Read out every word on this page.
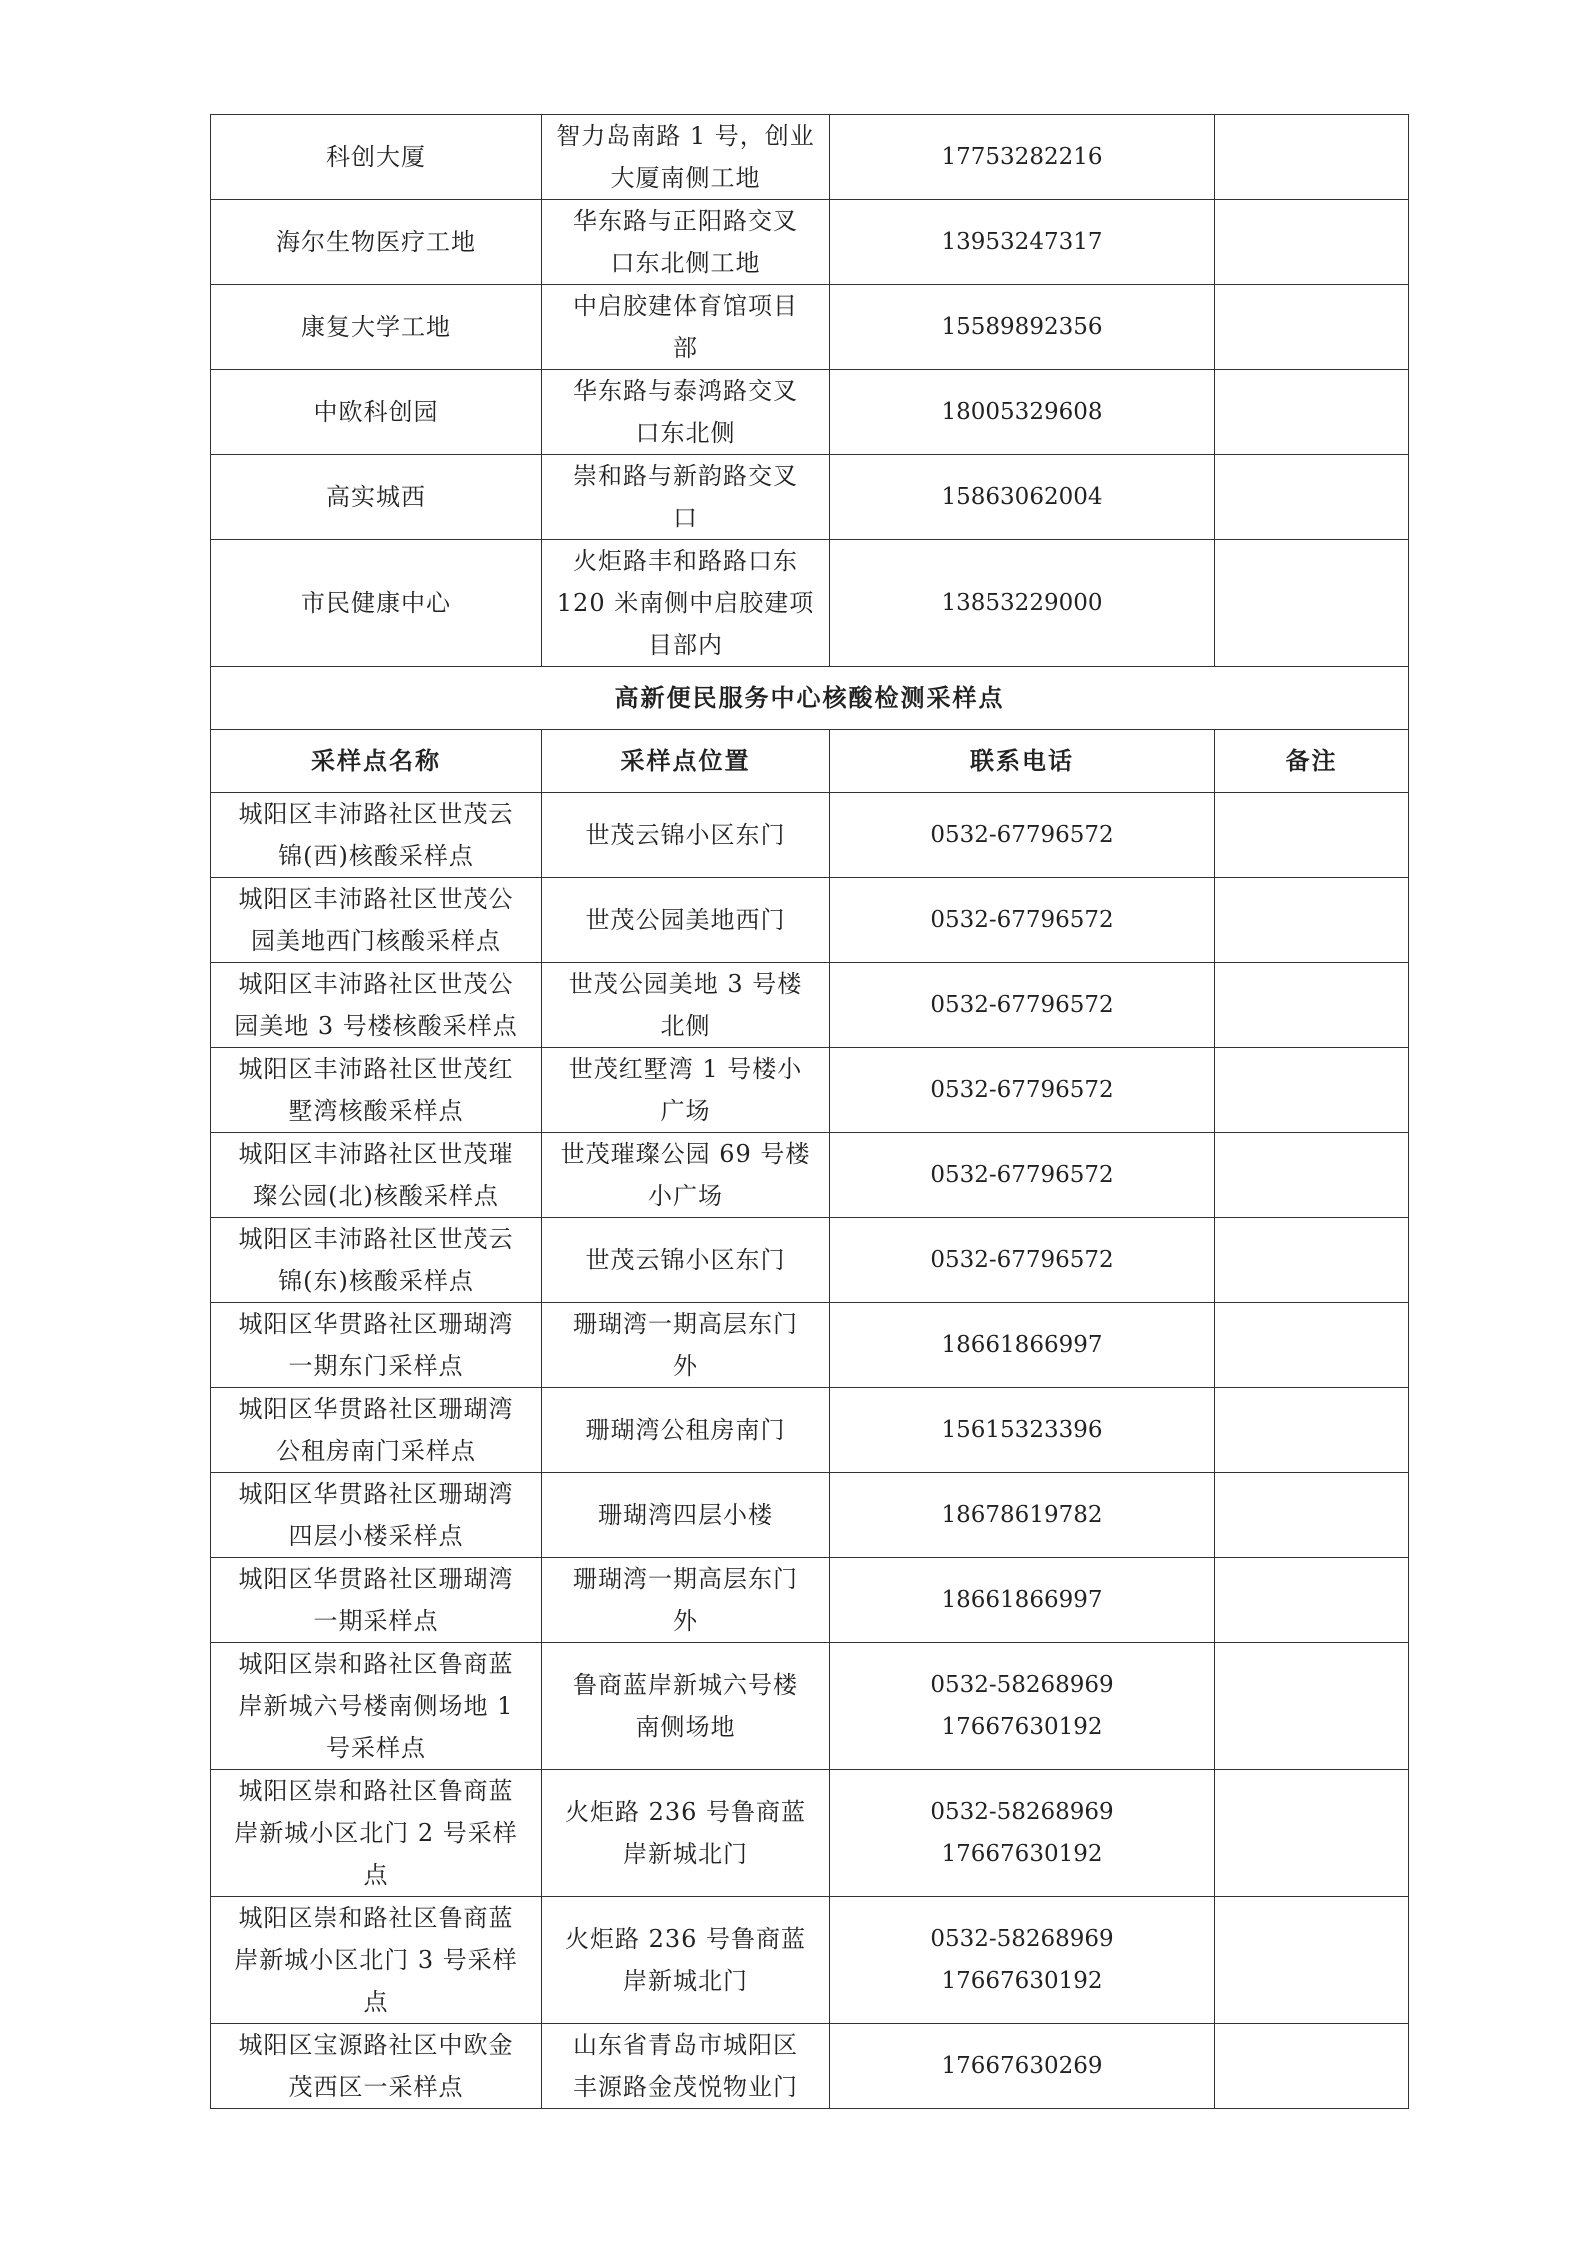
科创大厦	智力岛南路 1 号，创业
大厦南侧工地	17753282216	

海尔生物医疗工地	华东路与正阳路交叉
口东北侧工地	13953247317	

康复大学工地	中启胶建体育馆项目
部	15589892356	

中欧科创园	华东路与泰鸿路交叉
口东北侧	18005329608	

高实城西	崇和路与新韵路交叉
口	15863062004	

市民健康中心	火炬路丰和路路口东
120 米南侧中启胶建项
目部内	13853229000	

高新便民服务中心核酸检测采样点			
采样点名称	采样点位置	联系电话	备注

城阳区丰沛路社区世茂云
锦(西)核酸采样点	世茂云锦小区东门	0532-67796572	

城阳区丰沛路社区世茂公
园美地西门核酸采样点	世茂公园美地西门	0532-67796572	

城阳区丰沛路社区世茂公
园美地 3 号楼核酸采样点	世茂公园美地 3 号楼
北侧	0532-67796572	

城阳区丰沛路社区世茂红
墅湾核酸采样点	世茂红墅湾 1 号楼小
广场	0532-67796572	

城阳区丰沛路社区世茂璀
璨公园(北)核酸采样点	世茂璀璨公园 69 号楼
小广场	0532-67796572	

城阳区丰沛路社区世茂云
锦(东)核酸采样点	世茂云锦小区东门	0532-67796572	

城阳区华贯路社区珊瑚湾
一期东门采样点	珊瑚湾一期高层东门
外	18661866997	

城阳区华贯路社区珊瑚湾
公租房南门采样点	珊瑚湾公租房南门	15615323396	

城阳区华贯路社区珊瑚湾
四层小楼采样点	珊瑚湾四层小楼	18678619782	

城阳区华贯路社区珊瑚湾
一期采样点	珊瑚湾一期高层东门
外	18661866997	

城阳区崇和路社区鲁商蓝
岸新城六号楼南侧场地 1
号采样点	鲁商蓝岸新城六号楼
南侧场地	0532-58268969
17667630192	

城阳区崇和路社区鲁商蓝
岸新城小区北门 2 号采样
点	火炬路 236 号鲁商蓝
岸新城北门	0532-58268969
17667630192	

城阳区崇和路社区鲁商蓝
岸新城小区北门 3 号采样
点	火炬路 236 号鲁商蓝
岸新城北门	0532-58268969
17667630192	

城阳区宝源路社区中欧金
茂西区一采样点	山东省青岛市城阳区
丰源路金茂悦物业门	17667630269	
